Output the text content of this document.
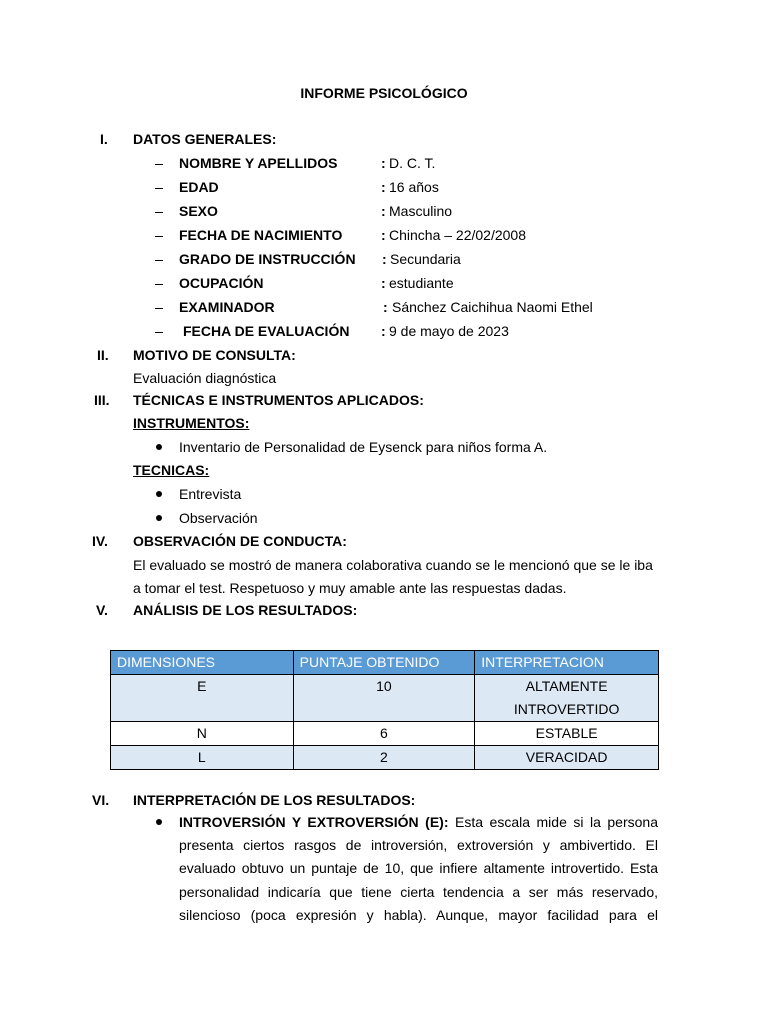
INFORME PSICOLÓGICO
I. DATOS GENERALES:
NOMBRE Y APELLIDOS	: D. C. T.
EDAD	: 16 años
SEXO	: Masculino
FECHA DE NACIMIENTO	: Chincha – 22/02/2008
GRADO DE INSTRUCCIÓN : Secundaria
OCUPACIÓN	: estudiante
EXAMINADOR	: Sánchez Caichihua Naomi Ethel
FECHA DE EVALUACIÓN : 9 de mayo de 2023
II. MOTIVO DE CONSULTA:
Evaluación diagnóstica
III. TÉCNICAS E INSTRUMENTOS APLICADOS:
INSTRUMENTOS:
Inventario de Personalidad de Eysenck para niños forma A.
TECNICAS:
Entrevista
Observación
IV. OBSERVACIÓN DE CONDUCTA:
El evaluado se mostró de manera colaborativa cuando se le mencionó que se le iba
a tomar el test. Respetuoso y muy amable ante las respuestas dadas.
V. ANÁLISIS DE LOS RESULTADOS:
DIMENSIONES	PUNTAJE OBTENIDO	INTERPRETACION
E	10	ALTAMENTE
INTROVERTIDO

N	6	ESTABLE
L	2	VERACIDAD
VI. INTERPRETACIÓN DE LOS RESULTADOS:
INTROVERSIÓN Y EXTROVERSIÓN (E): Esta escala mide si la persona
presenta ciertos rasgos de introversión, extroversión y ambivertido. El
evaluado obtuvo un puntaje de 10, que infiere altamente introvertido. Esta
personalidad indicaría que tiene cierta tendencia a ser más reservado,
silencioso (poca expresión y habla). Aunque, mayor facilidad para el
